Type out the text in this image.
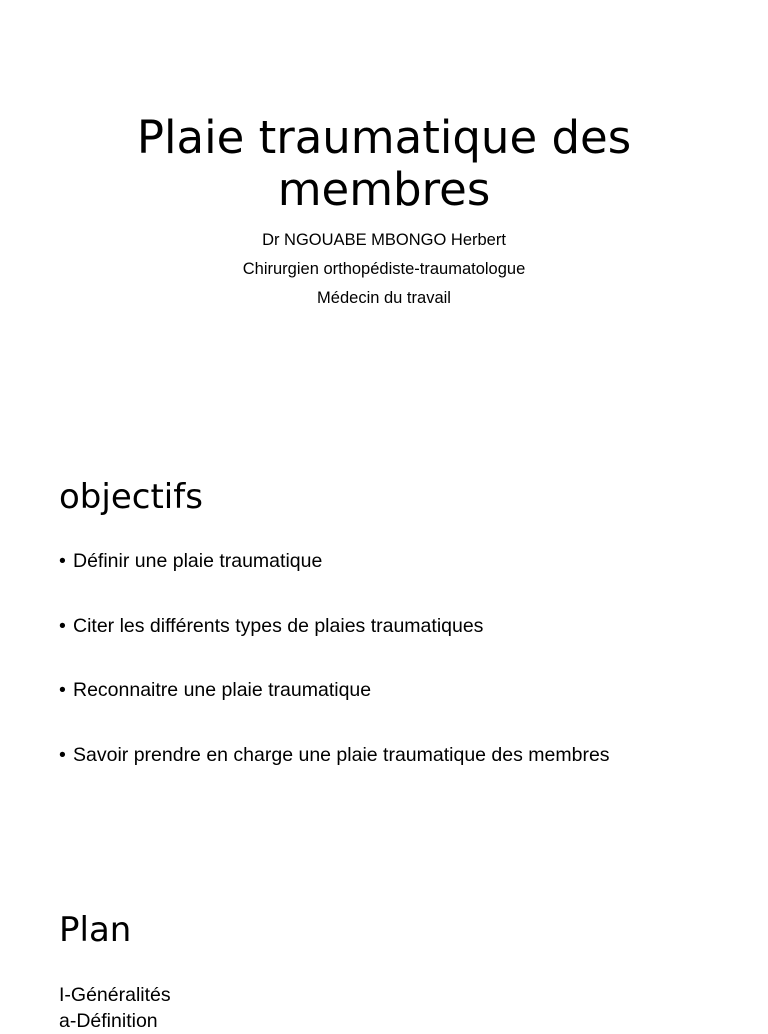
Plaie traumatique des membres
Dr NGOUABE MBONGO Herbert
Chirurgien orthopédiste-traumatologue
Médecin du travail
objectifs
• Définir une plaie traumatique
• Citer les différents types de plaies traumatiques
• Reconnaitre une plaie traumatique
• Savoir prendre en charge une plaie traumatique des membres
Plan
I-Généralités
a-Définition
